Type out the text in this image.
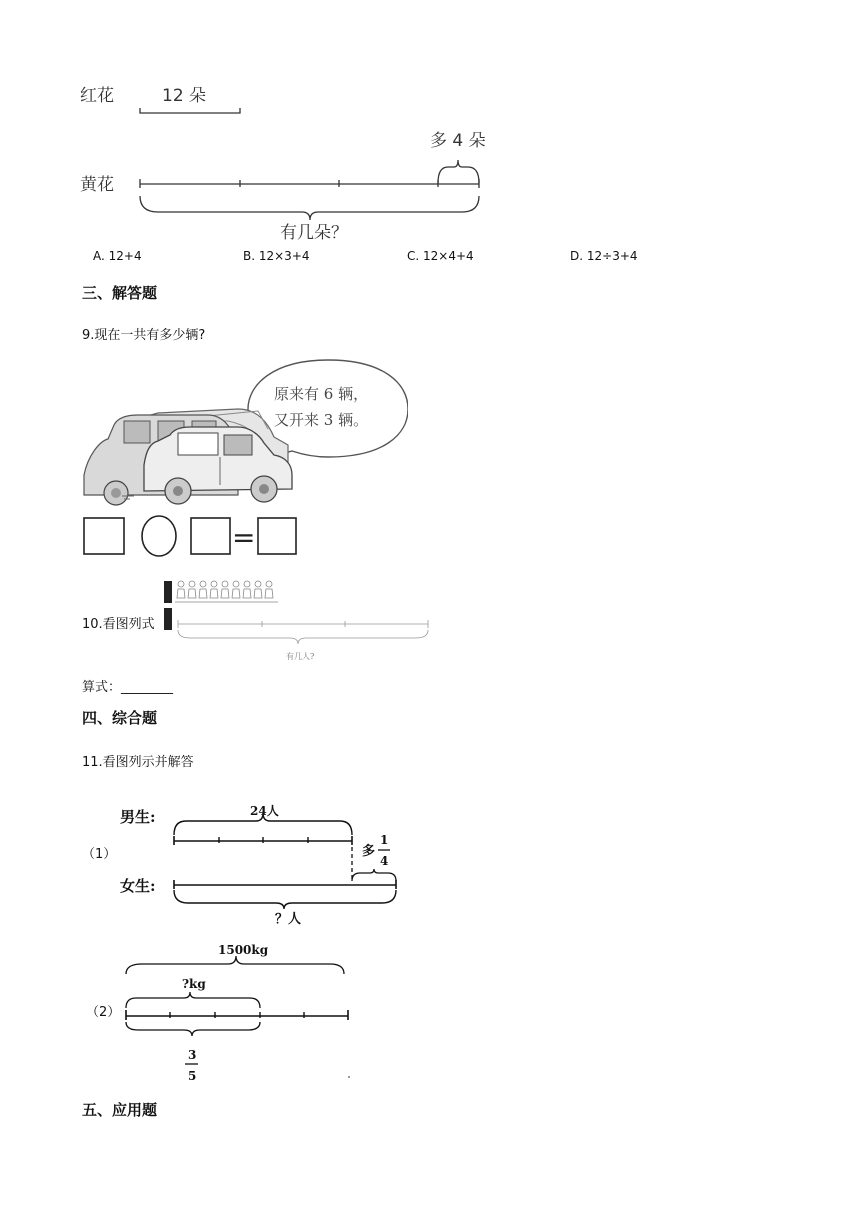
红花	12 朵
多 4 朵
黄花
有几朵？
A. 12+4	B. 12×3+4	C. 12×4+4	D. 12÷3+4
三、解答题
9.现在一共有多少辆?
原来有 6 辆，
又开来 3 辆。
=
10.看图列式
有几人?
算式：________
四、综合题
11.看图列示并解答
男生:	24人
（1）	多
1
4
女生:
？人
1500kg
?kg
（2）
3
5
五、应用题
